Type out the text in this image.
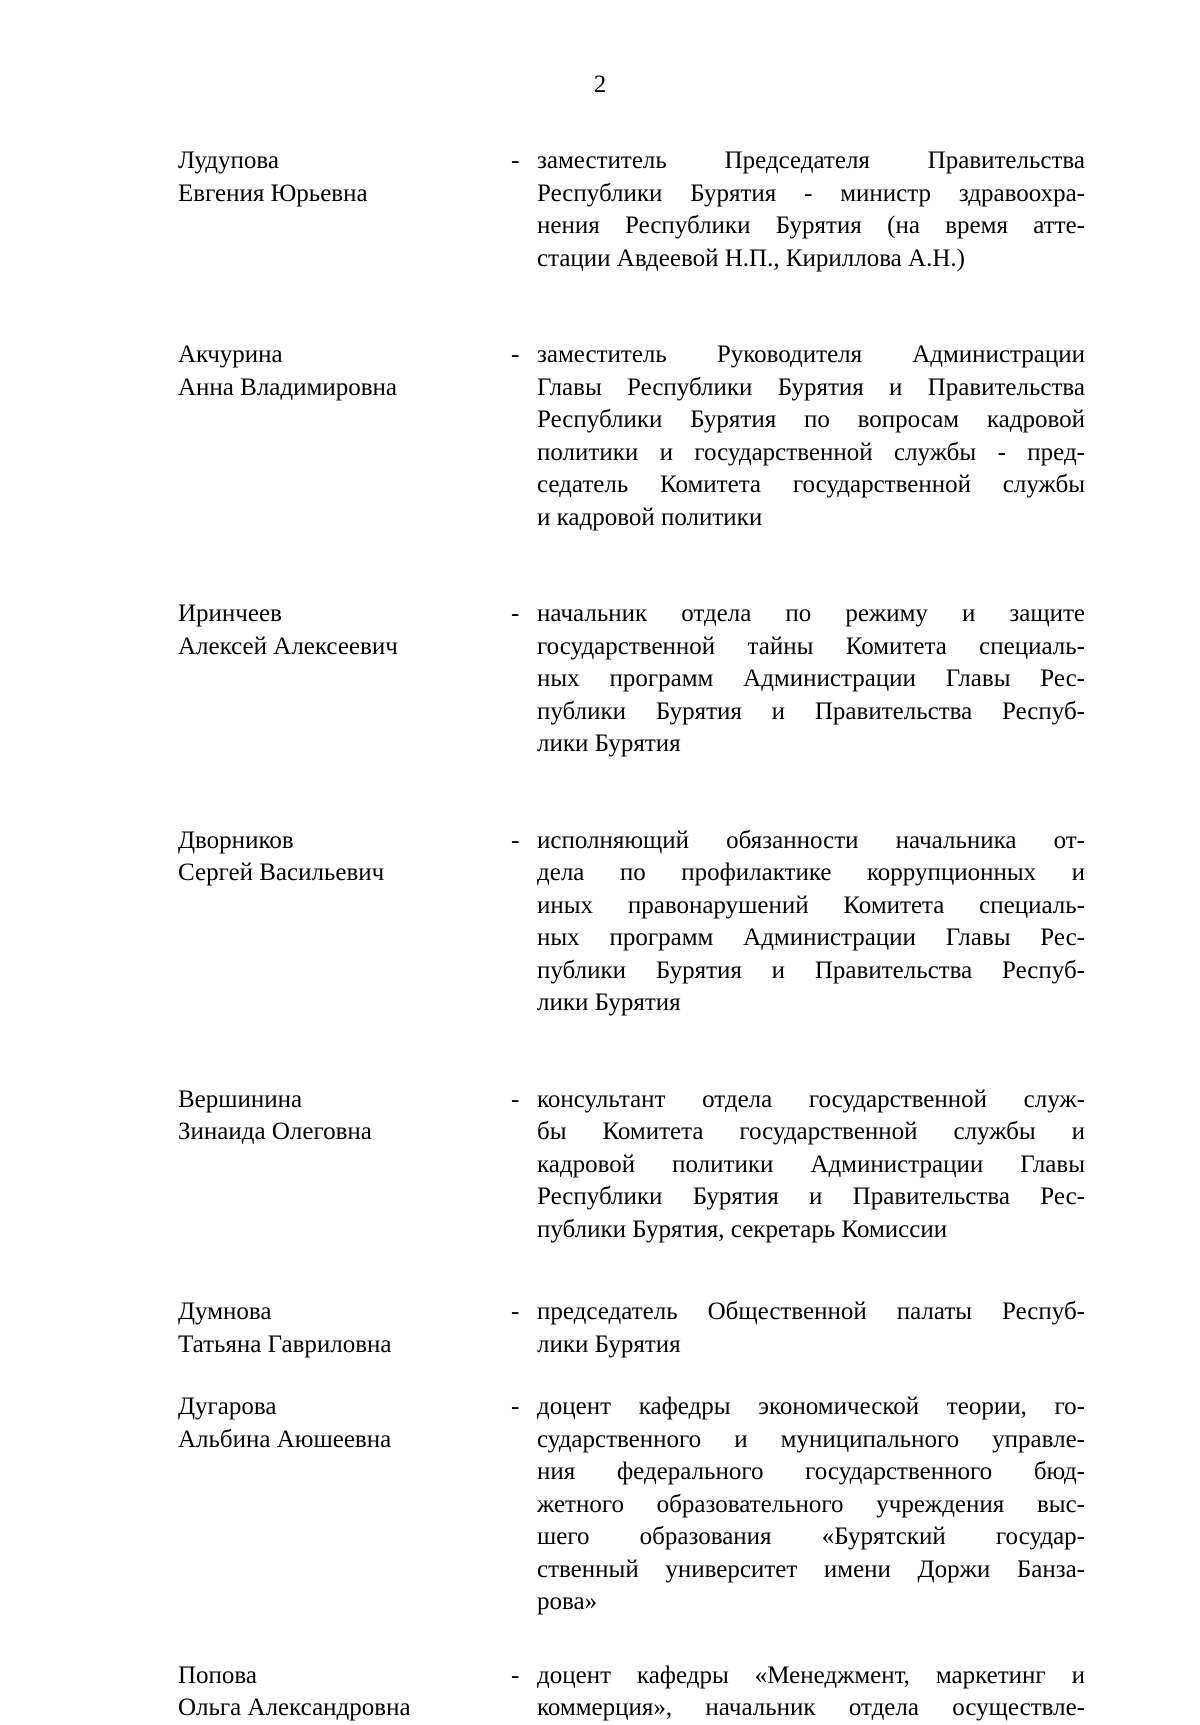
2
Лудупова
Евгения Юрьевна
- заместитель Председателя Правительства
Республики Бурятия - министр здравоохра-
нения Республики Бурятия (на время атте-
стации Авдеевой Н.П., Кириллова А.Н.)
Акчурина
Анна Владимировна
- заместитель Руководителя Администрации
Главы Республики Бурятия и Правительства
Республики Бурятия по вопросам кадровой
политики и государственной службы - пред-
седатель Комитета государственной службы
и кадровой политики
Иринчеев
Алексей Алексеевич
- начальник отдела по режиму и защите
государственной тайны Комитета специаль-
ных программ Администрации Главы Рес-
публики Бурятия и Правительства Респуб-
лики Бурятия
Дворников
Сергей Васильевич
- исполняющий обязанности начальника от-
дела по профилактике коррупционных и
иных правонарушений Комитета специаль-
ных программ Администрации Главы Рес-
публики Бурятия и Правительства Респуб-
лики Бурятия
Вершинина
Зинаида Олеговна
- консультант отдела государственной служ-
бы Комитета государственной службы и
кадровой политики Администрации Главы
Республики Бурятия и Правительства Рес-
публики Бурятия, секретарь Комиссии
Думнова
Татьяна Гавриловна
- председатель Общественной палаты Респуб-
лики Бурятия
Дугарова
Альбина Аюшеевна
- доцент кафедры экономической теории, го-
сударственного и муниципального управле-
ния федерального государственного бюд-
жетного образовательного учреждения выс-
шего образования «Бурятский государ-
ственный университет имени Доржи Банза-
рова»
Попова
Ольга Александровна
- доцент кафедры «Менеджмент, маркетинг и
коммерция», начальник отдела осуществле-
